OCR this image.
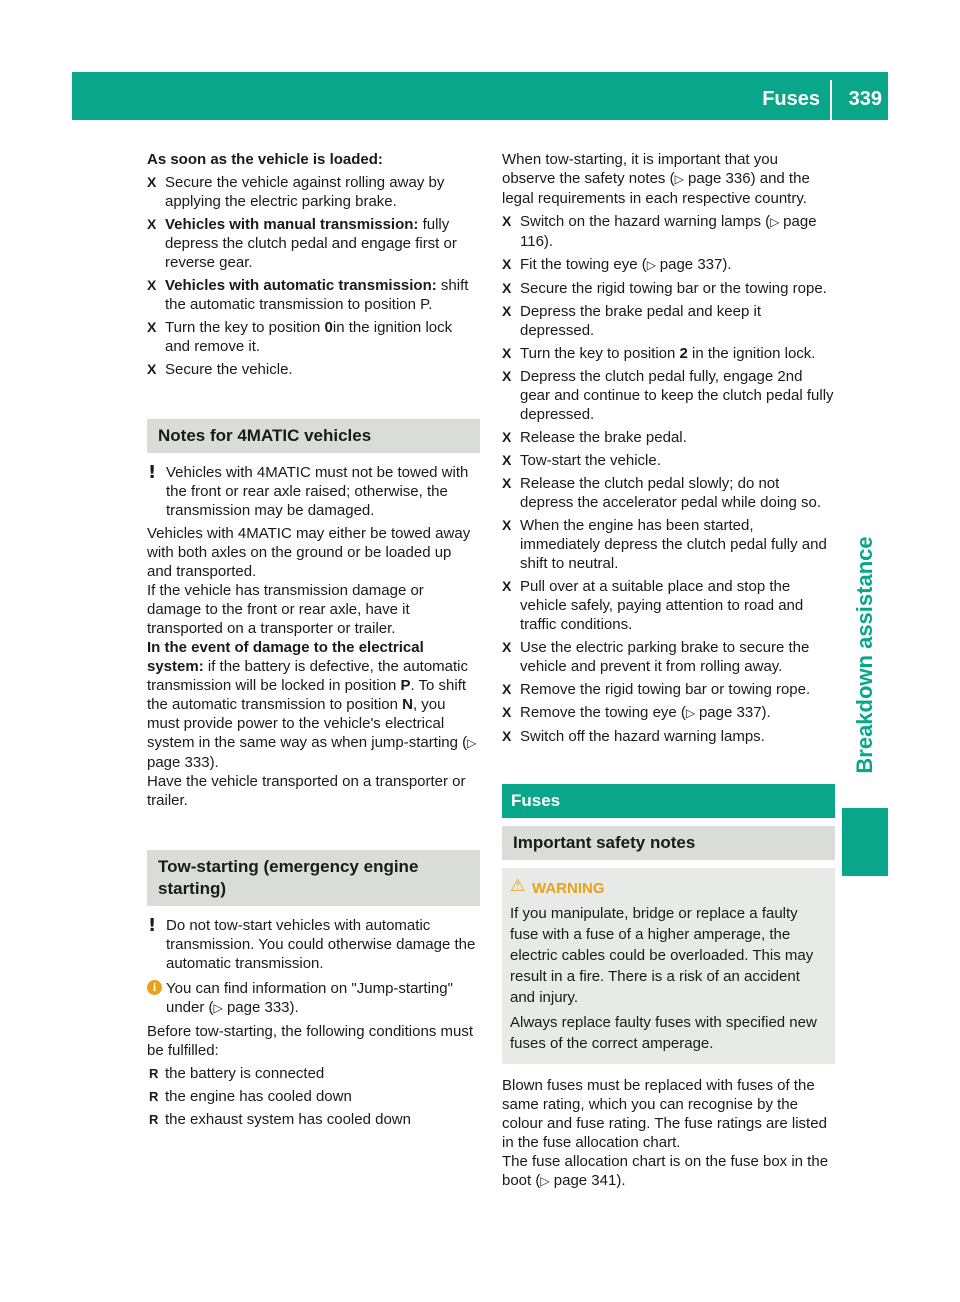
Fuses 339
Breakdown assistance
As soon as the vehicle is loaded:
X Secure the vehicle against rolling away by applying the electric parking brake.
X Vehicles with manual transmission: fully depress the clutch pedal and engage first or reverse gear.
X Vehicles with automatic transmission: shift the automatic transmission to position P.
X Turn the key to position 0in the ignition lock and remove it.
X Secure the vehicle.
Notes for 4MATIC vehicles
! Vehicles with 4MATIC must not be towed with the front or rear axle raised; otherwise, the transmission may be damaged.
Vehicles with 4MATIC may either be towed away with both axles on the ground or be loaded up and transported.
If the vehicle has transmission damage or damage to the front or rear axle, have it transported on a transporter or trailer.
In the event of damage to the electrical system: if the battery is defective, the automatic transmission will be locked in position P. To shift the automatic transmission to position N, you must provide power to the vehicle's electrical system in the same way as when jump-starting (▷ page 333).
Have the vehicle transported on a transporter or trailer.
Tow-starting (emergency engine starting)
! Do not tow-start vehicles with automatic transmission. You could otherwise damage the automatic transmission.
i You can find information on "Jump-starting" under (▷ page 333).
Before tow-starting, the following conditions must be fulfilled:
R the battery is connected
R the engine has cooled down
R the exhaust system has cooled down
When tow-starting, it is important that you observe the safety notes (▷ page 336) and the legal requirements in each respective country.
X Switch on the hazard warning lamps (▷ page 116).
X Fit the towing eye (▷ page 337).
X Secure the rigid towing bar or the towing rope.
X Depress the brake pedal and keep it depressed.
X Turn the key to position 2 in the ignition lock.
X Depress the clutch pedal fully, engage 2nd gear and continue to keep the clutch pedal fully depressed.
X Release the brake pedal.
X Tow-start the vehicle.
X Release the clutch pedal slowly; do not depress the accelerator pedal while doing so.
X When the engine has been started, immediately depress the clutch pedal fully and shift to neutral.
X Pull over at a suitable place and stop the vehicle safely, paying attention to road and traffic conditions.
X Use the electric parking brake to secure the vehicle and prevent it from rolling away.
X Remove the rigid towing bar or towing rope.
X Remove the towing eye (▷ page 337).
X Switch off the hazard warning lamps.
Fuses
Important safety notes
⚠ WARNING
If you manipulate, bridge or replace a faulty fuse with a fuse of a higher amperage, the electric cables could be overloaded. This may result in a fire. There is a risk of an accident and injury.
Always replace faulty fuses with specified new fuses of the correct amperage.
Blown fuses must be replaced with fuses of the same rating, which you can recognise by the colour and fuse rating. The fuse ratings are listed in the fuse allocation chart.
The fuse allocation chart is on the fuse box in the boot (▷ page 341).
